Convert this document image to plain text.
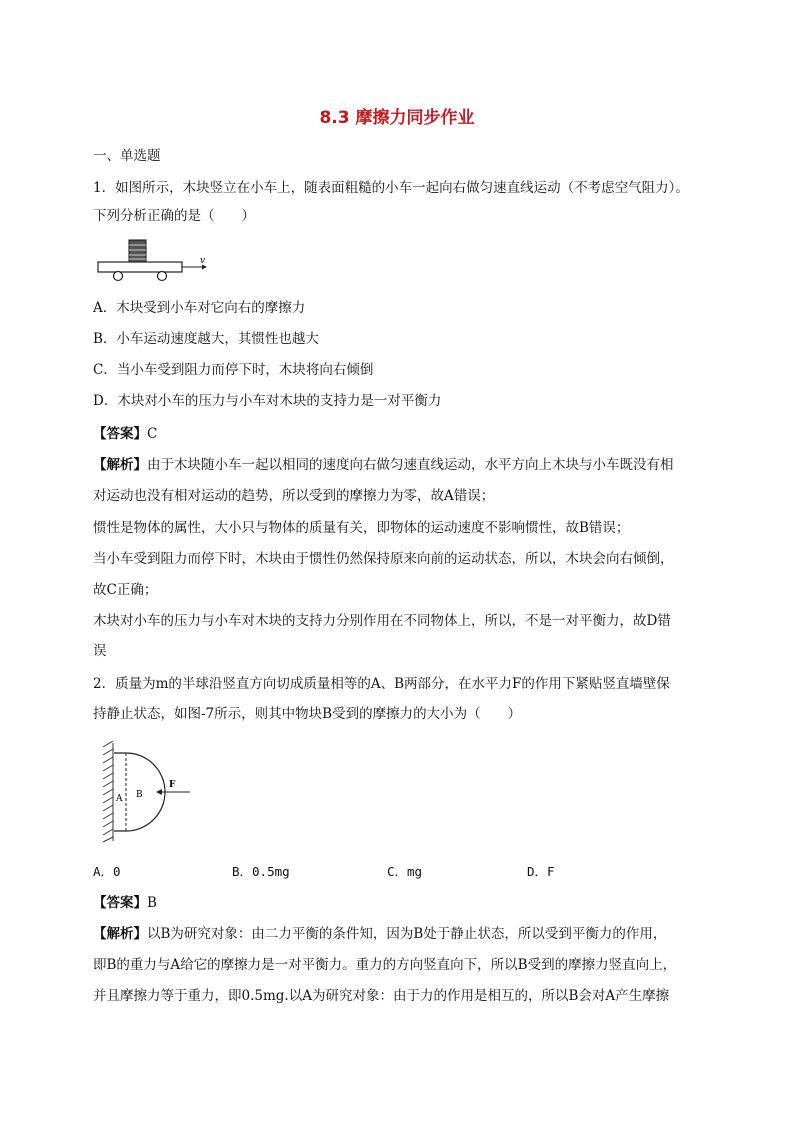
8.3 摩擦力同步作业
一、单选题
1．如图所示，木块竖立在小车上，随表面粗糙的小车一起向右做匀速直线运动（不考虑空气阻力）。
下列分析正确的是（　　）
v
A．木块受到小车对它向右的摩擦力
B．小车运动速度越大，其惯性也越大
C．当小车受到阻力而停下时，木块将向右倾倒
D．木块对小车的压力与小车对木块的支持力是一对平衡力
【答案】C
【解析】由于木块随小车一起以相同的速度向右做匀速直线运动，水平方向上木块与小车既没有相
对运动也没有相对运动的趋势，所以受到的摩擦力为零，故A错误；
惯性是物体的属性，大小只与物体的质量有关，即物体的运动速度不影响惯性，故B错误；
当小车受到阻力而停下时，木块由于惯性仍然保持原来向前的运动状态，所以，木块会向右倾倒，
故C正确；
木块对小车的压力与小车对木块的支持力分别作用在不同物体上，所以，不是一对平衡力，故D错
误
2．质量为m的半球沿竖直方向切成质量相等的A、B两部分，在水平力F的作用下紧贴竖直墙壁保
持静止状态，如图-7所示，则其中物块B受到的摩擦力的大小为（　　）
A B
F
A．0	B．0.5mg	C．mg	D．F
【答案】B
【解析】以B为研究对象：由二力平衡的条件知，因为B处于静止状态，所以受到平衡力的作用，
即B的重力与A给它的摩擦力是一对平衡力。重力的方向竖直向下，所以B受到的摩擦力竖直向上，
并且摩擦力等于重力，即0.5mg.以A为研究对象：由于力的作用是相互的，所以B会对A产生摩擦
